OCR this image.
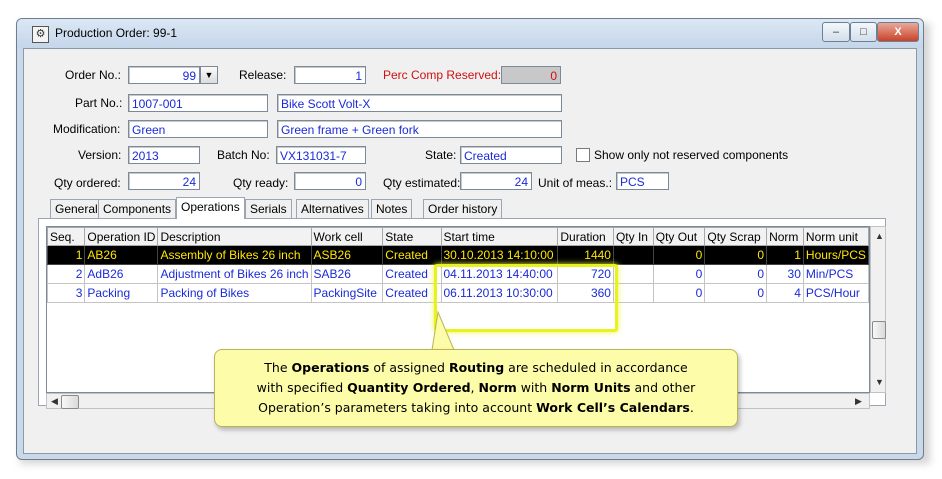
⚙ Production Order: 99-1	–	□	X
Order No.:	99 ▼	Release:	1	Perc Comp Reserved:	0
Part No.: 1007-001	Bike Scott Volt-X
Modification: Green	Green frame + Green fork
Version: 2013	Batch No: VX131031-7	State: Created	Show only not reserved components
Qty ordered:	24	Qty ready:	0	Qty estimated:	24 Unit of meas.: PCS
General Components Operations Serials	Alternatives	Notes	Order history
Seq.	Operation ID	Description	Work cell	State	Start time	Duration	Qty In	Qty Out	Qty Scrap	Norm	Norm unit
1	AB26	Assembly of Bikes 26 inch	ASB26	Created	30.10.2013 14:10:00	1440		0	0	1	Hours/PCS
2	AdB26	Adjustment of Bikes 26 inch	SAB26	Created	04.11.2013 14:40:00	720		0	0	30	Min/PCS
3	Packing	Packing of Bikes	PackingSite	Created	06.11.2013 10:30:00	360		0	0	4	PCS/Hour
▲
▼
◀	▶
The Operations of assigned Routing are scheduled in accordance
with specified Quantity Ordered, Norm with Norm Units and other
Operation’s parameters taking into account Work Cell’s Calendars.
